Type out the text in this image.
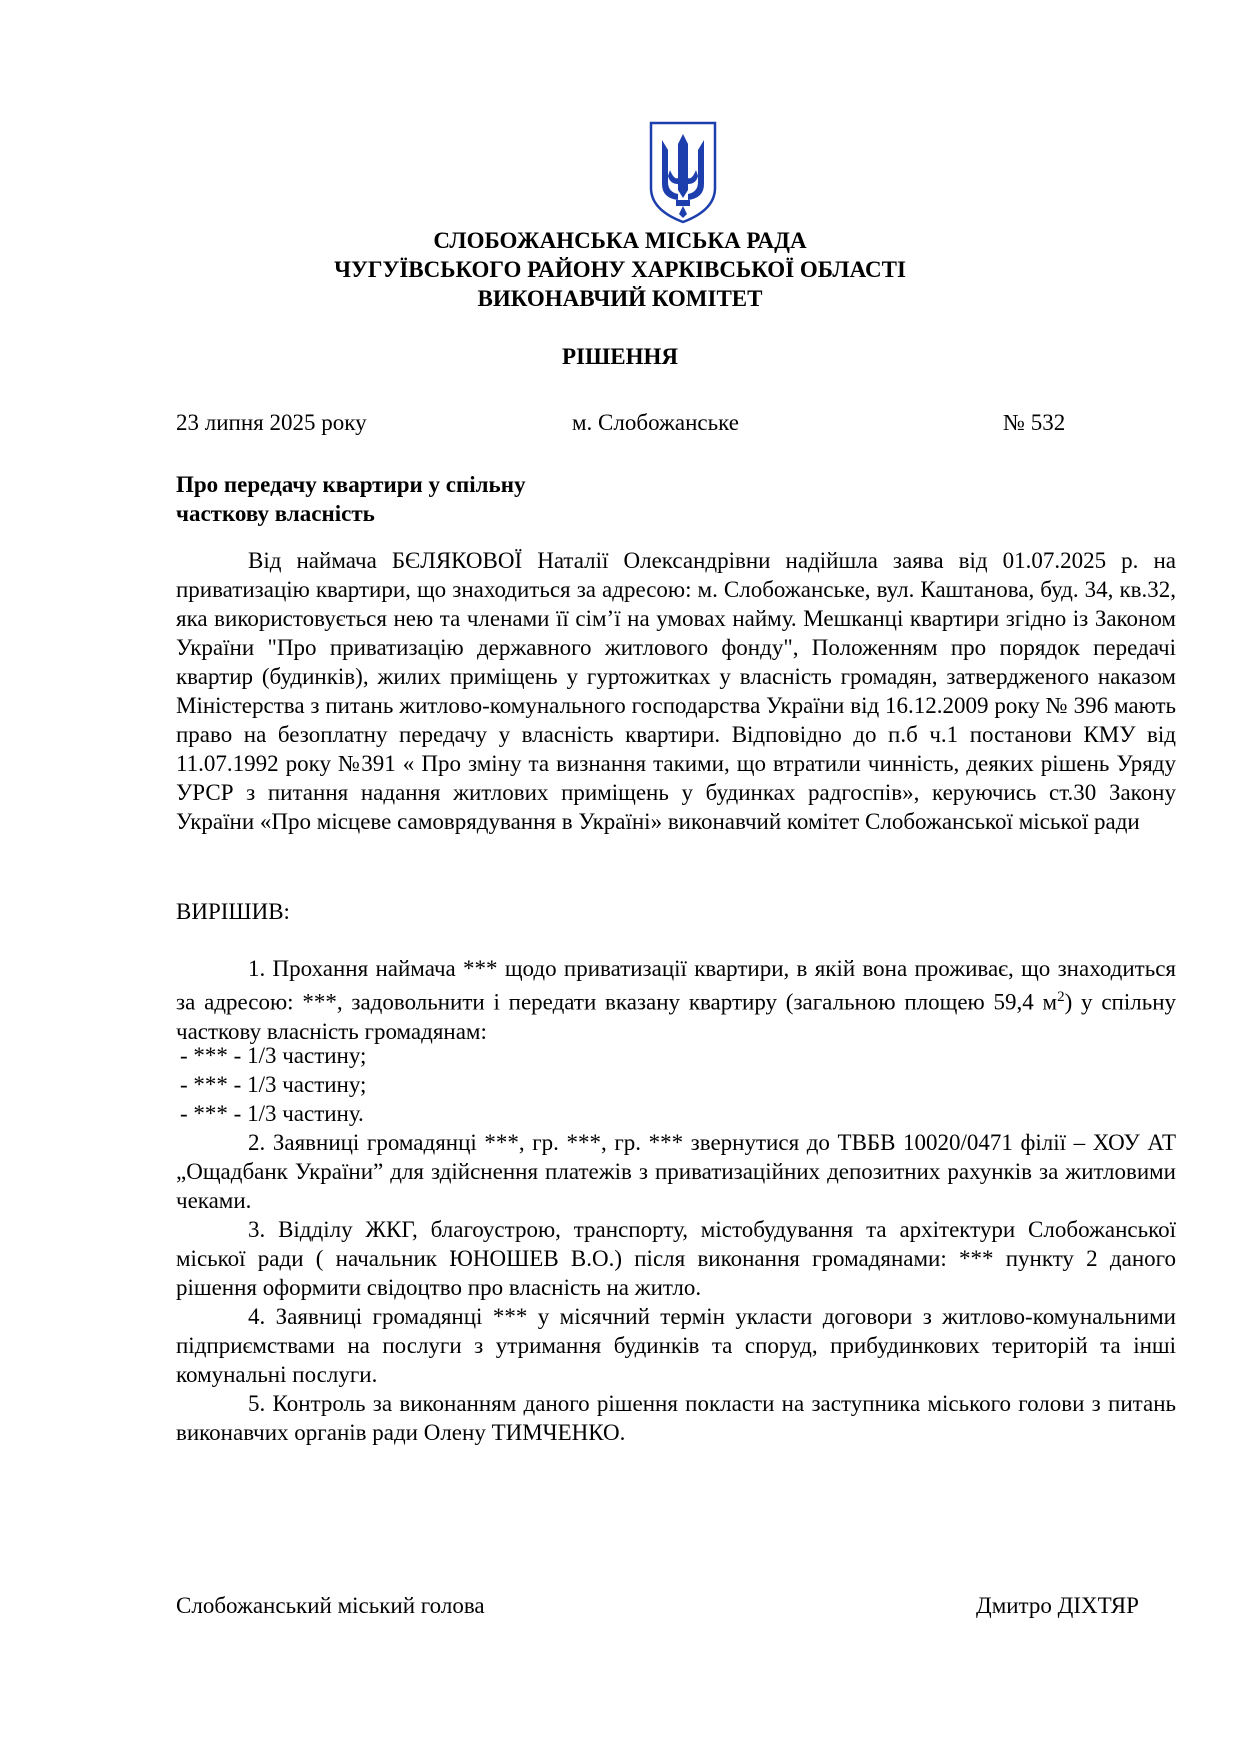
СЛОБОЖАНСЬКА МІСЬКА РАДА
ЧУГУЇВСЬКОГО РАЙОНУ ХАРКІВСЬКОЇ ОБЛАСТІ
ВИКОНАВЧИЙ КОМІТЕТ
РІШЕННЯ
23 липня 2025 року	м. Слобожанське	№ 532
Про передачу квартири у спільну
часткову власність

Від наймача БЄЛЯКОВОЇ Наталії Олександрівни надійшла заява від 01.07.2025 р. на приватизацію квартири, що знаходиться за адресою: м. Слобожанське, вул. Каштанова, буд. 34, кв.32, яка використовується нею та членами її сім’ї на умовах найму. Мешканці квартири згідно із Законом України "Про приватизацію державного житлового фонду", Положенням про порядок передачі квартир (будинків), жилих приміщень у гуртожитках у власність громадян, затвердженого наказом Міністерства з питань житлово-комунального господарства України від 16.12.2009 року № 396 мають право на безоплатну передачу у власність квартири. Відповідно до п.б ч.1 постанови КМУ від 11.07.1992 року №391 « Про зміну та визнання такими, що втратили чинність, деяких рішень Уряду УРСР з питання надання житлових приміщень у будинках радгоспів», керуючись ст.30 Закону України «Про місцеве самоврядування в Україні» виконавчий комітет Слобожанської міської ради

ВИРІШИВ:

1. Прохання наймача *** щодо приватизації квартири, в якій вона проживає, що знаходиться за адресою: ***, задовольнити і передати вказану квартиру (загальною площею 59,4 $м^2$) у спільну часткову власність громадянам:

- *** - 1/3 частину;
- *** - 1/3 частину;
- *** - 1/3 частину.

2. Заявниці громадянці ***, гр. ***, гр. *** звернутися до ТВБВ 10020/0471 філії – ХОУ АТ „Ощадбанк України” для здійснення платежів з приватизаційних депозитних рахунків за житловими чеками.

3. Відділу ЖКГ, благоустрою, транспорту, містобудування та архітектури Слобожанської міської ради ( начальник ЮНОШЕВ В.О.) після виконання громадянами: *** пункту 2 даного рішення оформити свідоцтво про власність на житло.

4. Заявниці громадянці *** у місячний термін укласти договори з житлово-комунальними підприємствами на послуги з утримання будинків та споруд, прибудинкових територій та інші комунальні послуги.

5. Контроль за виконанням даного рішення покласти на заступника міського голови з питань виконавчих органів ради Олену ТИМЧЕНКО.

Слобожанський міський голова	Дмитро ДІХТЯР
